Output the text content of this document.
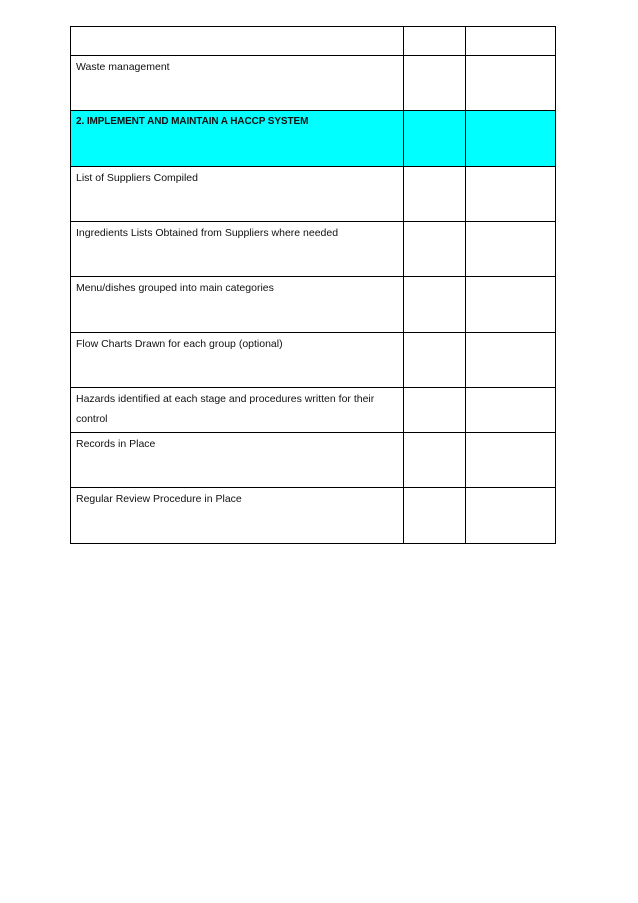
Waste management		

2. IMPLEMENT AND MAINTAIN A HACCP SYSTEM		

List of Suppliers Compiled		

Ingredients Lists Obtained from Suppliers where needed		

Menu/dishes grouped into main categories		

Flow Charts Drawn for each group (optional)		

Hazards identified at each stage and procedures written for their control		

Records in Place		

Regular Review Procedure in Place		
